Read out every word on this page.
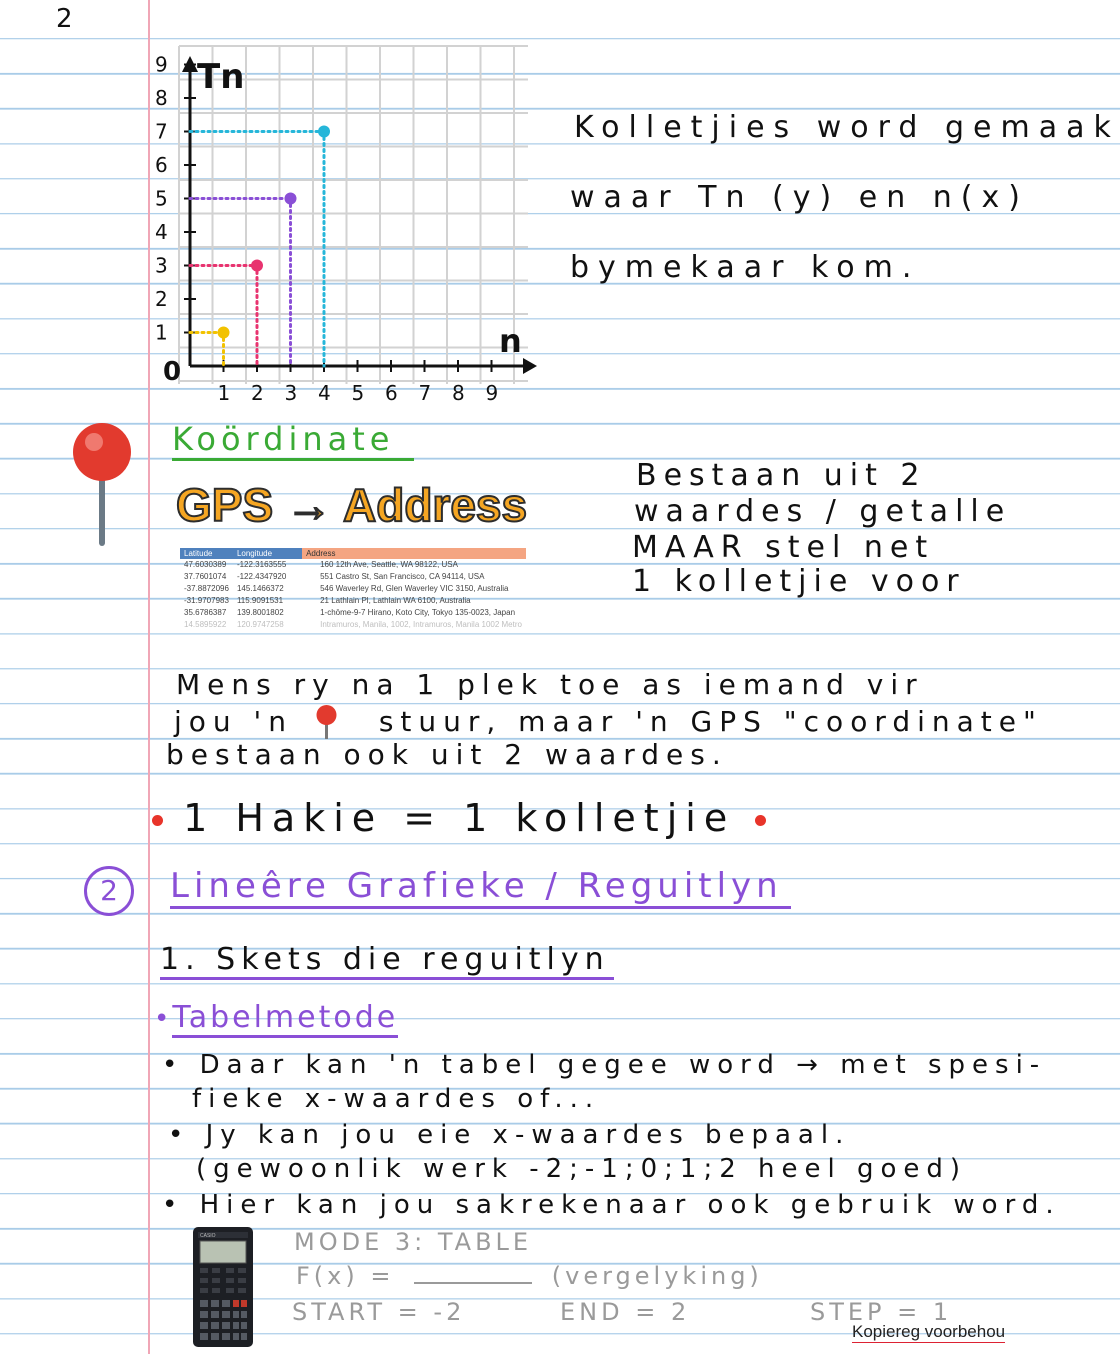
2
1
2
3
4
5
6
7
8
9
1 2 3 4 5 6 7 8 9
0
Tn
n
Kolletjies word gemaak
waar Tn (y) en n(x)
bymekaar kom.
Koördinate
GPS → Address
Latitude	Longitude	Address
47.6030389	-122.3163555	160 12th Ave, Seattle, WA 98122, USA
37.7601074	-122.4347920	551 Castro St, San Francisco, CA 94114, USA
-37.8872096	145.1466372	546 Waverley Rd, Glen Waverley VIC 3150, Australia
-31.9707983	115.9091531	21 Lathlain Pl, Lathlain WA 6100, Australia
35.6786387	139.8001802	1-chōme-9-7 Hirano, Koto City, Tokyo 135-0023, Japan
14.5895922	120.9747258	Intramuros, Manila, 1002, Intramuros, Manila 1002 Metro
Bestaan uit 2
waardes / getalle
MAAR stel net
1 kolletjie voor
Mens ry na 1 plek toe as iemand vir
jou 'n	stuur, maar 'n GPS "coordinate"
bestaan ook uit 2 waardes.
1 Hakie = 1 kolletjie
2	Lineêre Grafieke / Reguitlyn
1. Skets die reguitlyn
•Tabelmetode
• Daar kan 'n tabel gegee word → met spesi-
fieke x-waardes of...
• Jy kan jou eie x-waardes bepaal.
(gewoonlik werk -2;-1;0;1;2 heel goed)
• Hier kan jou sakrekenaar ook gebruik word.
CASIO	MODE 3: TABLE
F(x) =	(vergelyking)
START = -2	END = 2	STEP = 1
Kopiereg voorbehou
